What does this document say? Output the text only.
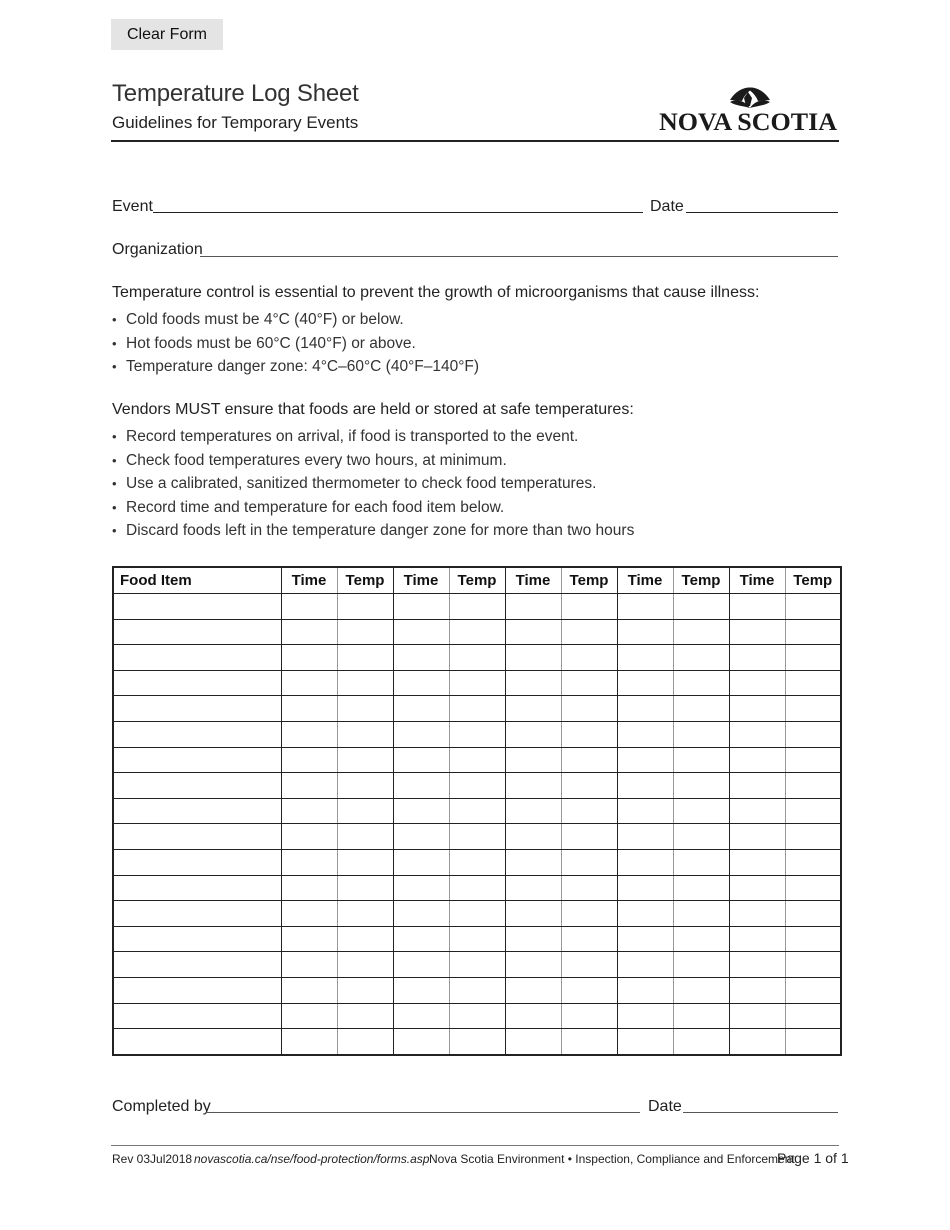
Clear Form
Temperature Log Sheet
Guidelines for Temporary Events	NOVA SCOTIA
Event	Date
Organization
Temperature control is essential to prevent the growth of microorganisms that cause illness:
• Cold foods must be 4°C (40°F) or below.
• Hot foods must be 60°C (140°F) or above.
• Temperature danger zone: 4°C–60°C (40°F–140°F)
Vendors MUST ensure that foods are held or stored at safe temperatures:
• Record temperatures on arrival, if food is transported to the event.
• Check food temperatures every two hours, at minimum.
• Use a calibrated, sanitized thermometer to check food temperatures.
• Record time and temperature for each food item below.
• Discard foods left in the temperature danger zone for more than two hours
Food Item	Time	Temp	Time	Temp	Time	Temp	Time	Temp	Time	Temp

Completed by	Date
Rev 03Jul2018 novascotia.ca/nse/food-protection/forms.asp Nova Scotia Environment • Inspection, Compliance and Enforcement
Page 1 of 1
